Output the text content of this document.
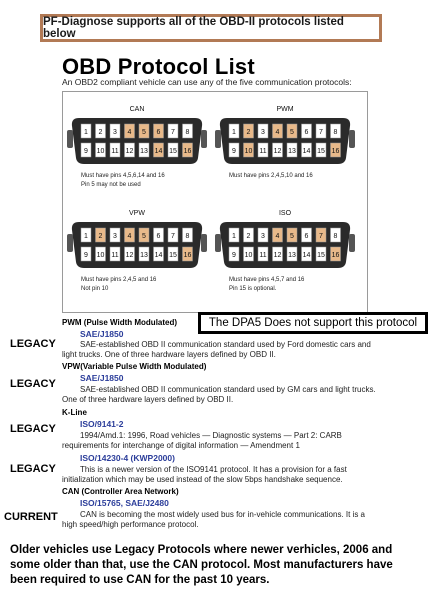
PF-Diagnose supports all of the OBD-II protocols listed below
OBD Protocol List
An OBD2 compliant vehicle can use any of the five communication protocols:
CAN
1 2 3 4 5 6 7 8
9 10 11 12 13 14 15 16
Must have pins 4,5,6,14 and 16
Pin 5 may not be used
PWM
1 2 3 4 5 6 7 8
9 10 11 12 13 14 15 16
Must have pins 2,4,5,10 and 16
VPW
1 2 3 4 5 6 7 8
9 10 11 12 13 14 15 16
Must have pins 2,4,5 and 16
Not pin 10
ISO
1 2 3 4 5 6 7 8
9 10 11 12 13 14 15 16
Must have pins 4,5,7 and 16
Pin 15 is optional.
PWM (Pulse Width Modulated)
SAE/J1850
SAE-established OBD II communication standard used by Ford domestic cars and light trucks. One of three hardware layers defined by OBD II.
VPW(Variable Pulse Width Modulated)
SAE/J1850
SAE-established OBD II communication standard used by GM cars and light trucks. One of three hardware layers defined by OBD II.
K-Line
ISO/9141-2
1994/Amd.1: 1996, Road vehicles — Diagnostic systems — Part 2: CARB requirements for interchange of digital information — Amendment 1
ISO/14230-4 (KWP2000)
This is a newer version of the ISO9141 protocol. It has a provision for a fast initialization which may be used instead of the slow 5bps handshake sequence.
CAN (Controller Area Network)
ISO/15765, SAE/J2480
CAN is becoming the most widely used bus for in-vehicle communications. It is a high speed/high performance protocol.
The DPA5 Does not support this protocol
LEGACY
LEGACY
LEGACY
LEGACY
CURRENT
Older vehicles use Legacy Protocols where newer verhicles, 2006 and some older than that, use the CAN protocol. Most manufacturers have been required to use CAN for the past 10 years.
